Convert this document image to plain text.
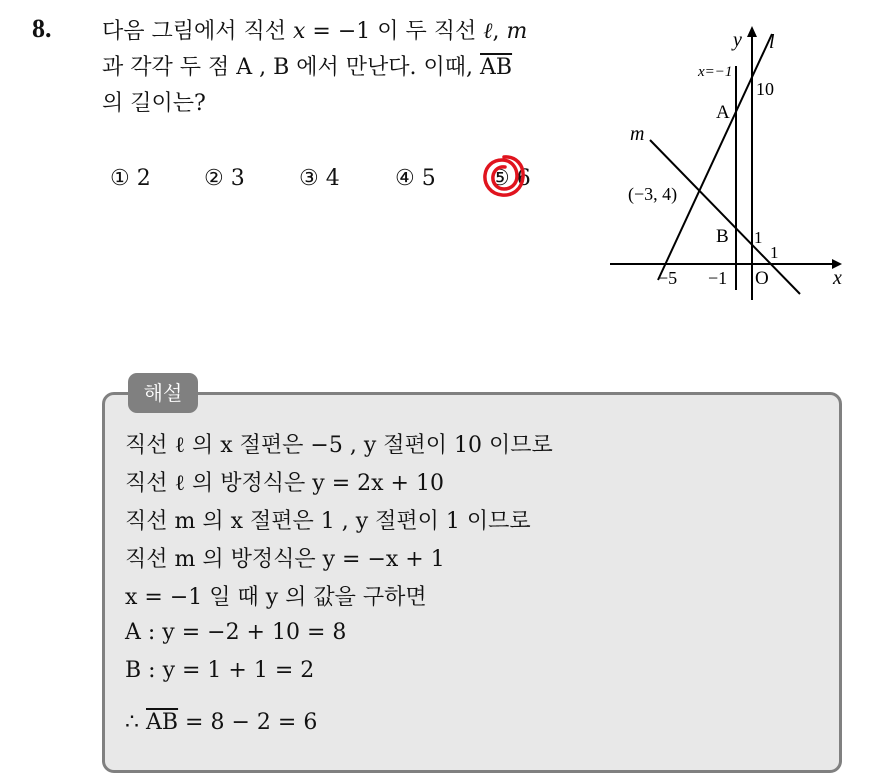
8. 다음 그림에서 직선 x = −1 이 두 직선 ℓ, m
과 각각 두 점 A , B 에서 만난다. 이때, $\overline{AB}$
의 길이는?
① 2 ② 3 ③ 4	④ 5 ⑤ 6
y
x
O
l
m
x=−1
A
B
10
1
1
(−3, 4)
−5 −1
해설
직선 ℓ 의 x 절편은 −5 , y 절편이 10 이므로
직선 ℓ 의 방정식은 y = 2x + 10
직선 m 의 x 절편은 1 , y 절편이 1 이므로
직선 m 의 방정식은 y = −x + 1
x = −1 일 때 y 의 값을 구하면
A : y = −2 + 10 = 8
B : y = 1 + 1 = 2
∴ $\overline{AB} = 8 - 2 = 6$
